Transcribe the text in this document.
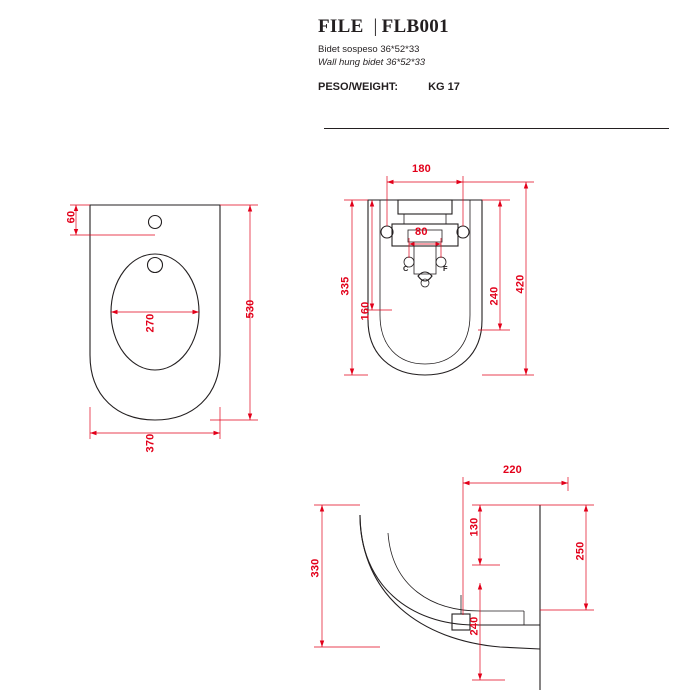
FILE | FLB001
Bidet sospeso 36*52*33
Wall hung bidet 36*52*33
PESO/WEIGHT:	KG 17
60
530
270
370
180
80
335
160
240
420
C	F
220
130
330
240
250
